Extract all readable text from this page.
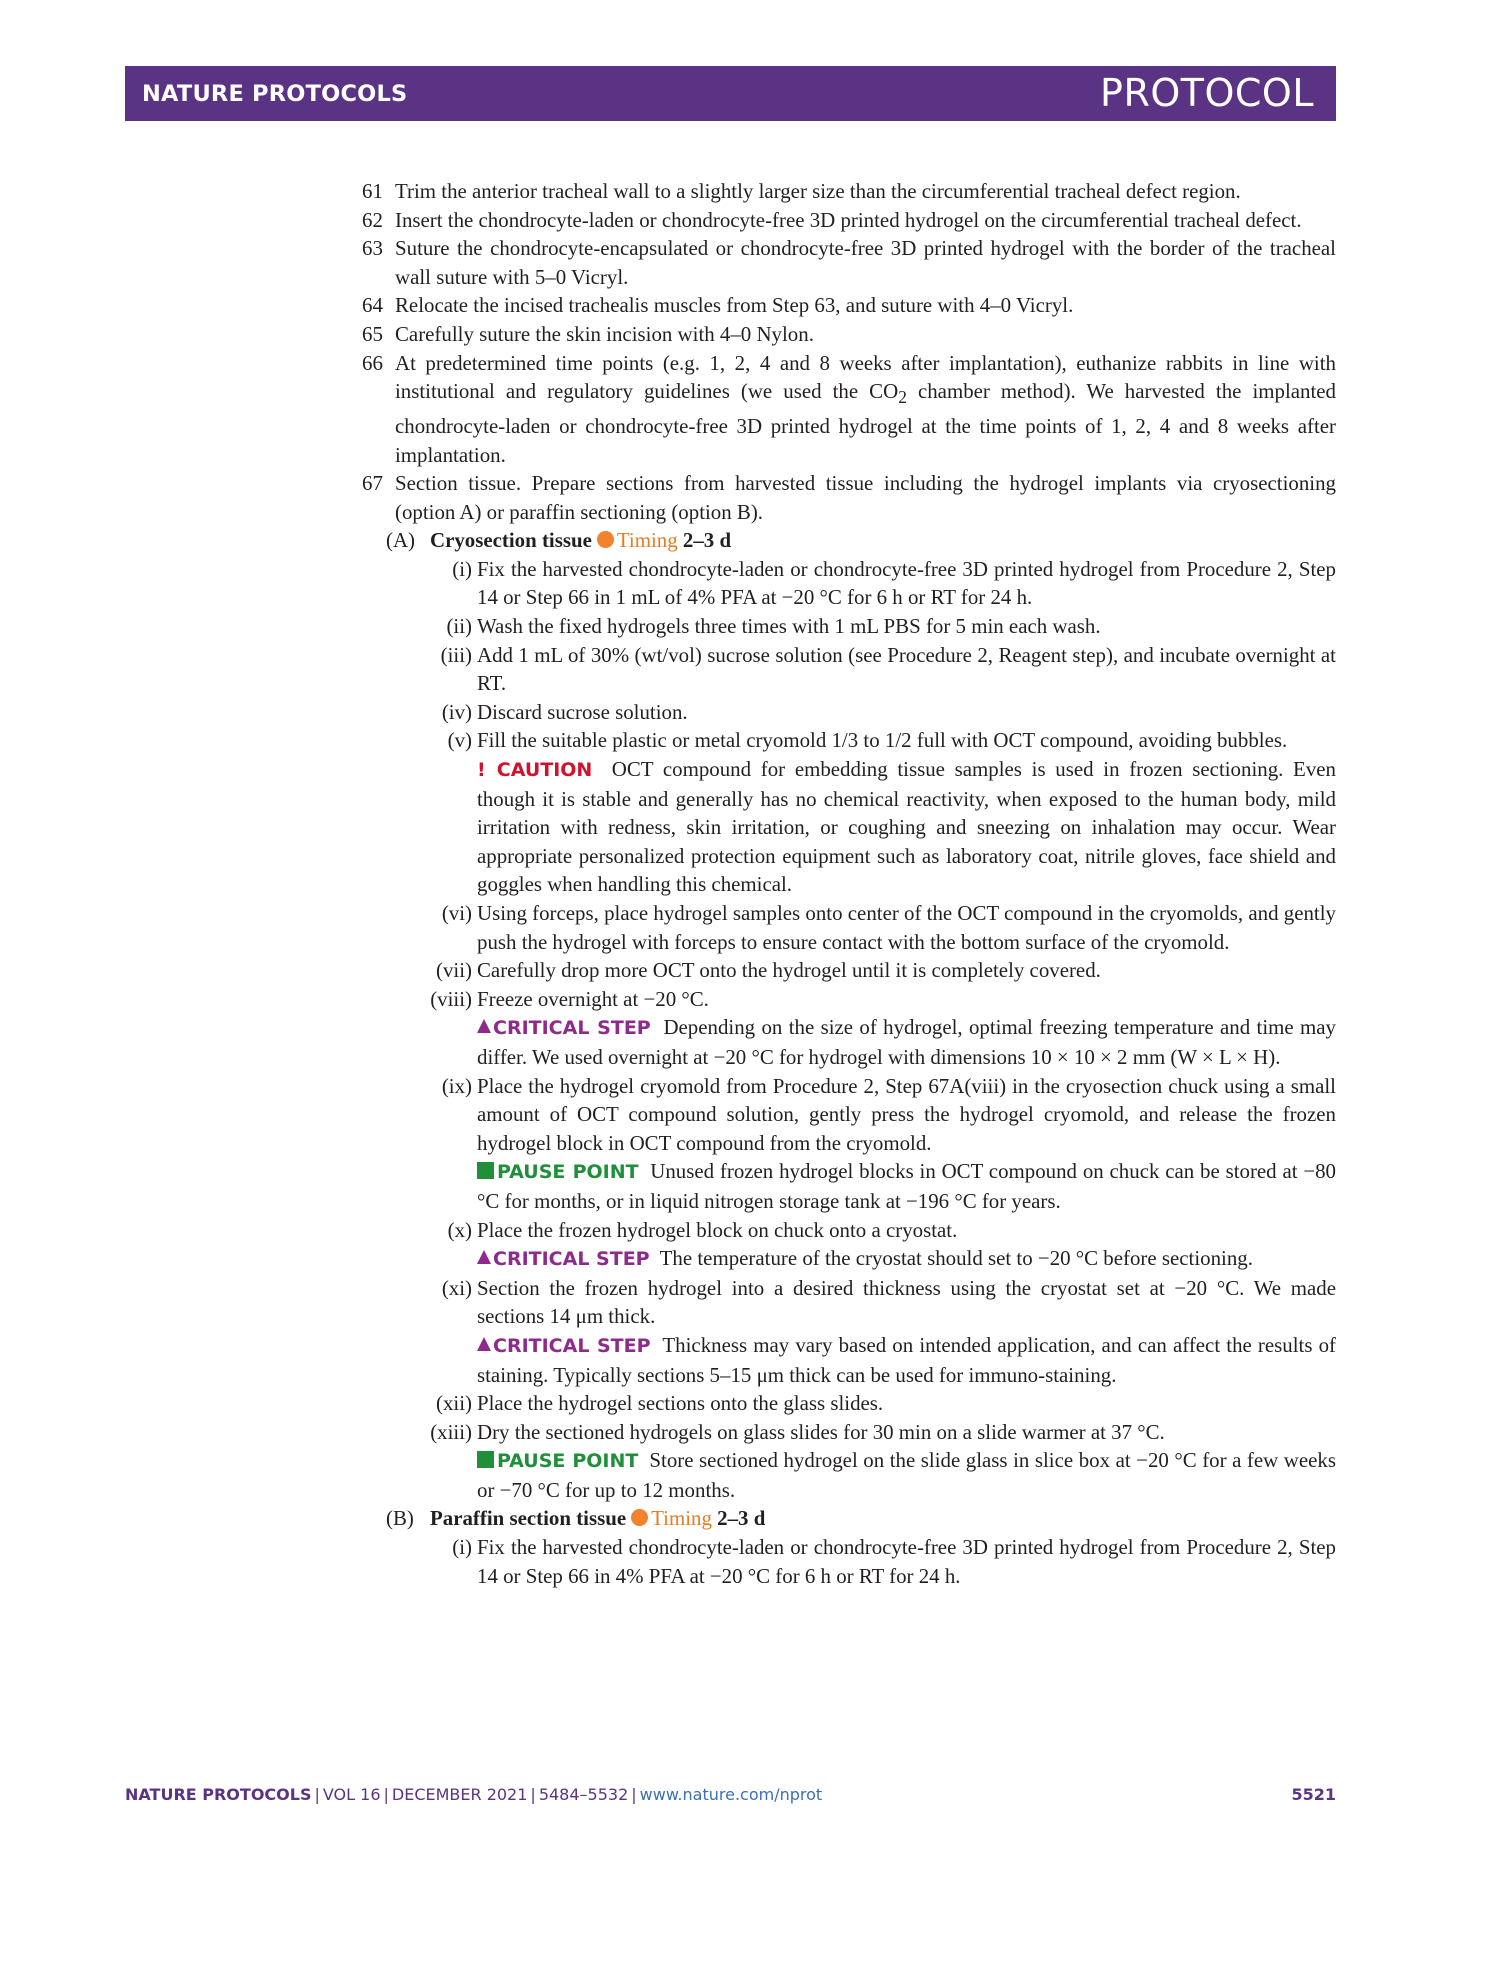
NATURE PROTOCOLS	PROTOCOL
61 Trim the anterior tracheal wall to a slightly larger size than the circumferential tracheal defect region.
62 Insert the chondrocyte-laden or chondrocyte-free 3D printed hydrogel on the circumferential tracheal defect.
63 Suture the chondrocyte-encapsulated or chondrocyte-free 3D printed hydrogel with the border of the tracheal wall suture with 5–0 Vicryl.
64 Relocate the incised trachealis muscles from Step 63, and suture with 4–0 Vicryl.
65 Carefully suture the skin incision with 4–0 Nylon.
66 At predetermined time points (e.g. 1, 2, 4 and 8 weeks after implantation), euthanize rabbits in line with institutional and regulatory guidelines (we used the $CO_2$ chamber method). We harvested the implanted chondrocyte-laden or chondrocyte-free 3D printed hydrogel at the time points of 1, 2, 4 and 8 weeks after implantation.
67 Section tissue. Prepare sections from harvested tissue including the hydrogel implants via cryosectioning (option A) or paraffin sectioning (option B).
(A) Cryosection tissue Timing 2–3 d
(i) Fix the harvested chondrocyte-laden or chondrocyte-free 3D printed hydrogel from Procedure 2, Step 14 or Step 66 in 1 mL of 4% PFA at −20 °C for 6 h or RT for 24 h.
(ii) Wash the fixed hydrogels three times with 1 mL PBS for 5 min each wash.
(iii) Add 1 mL of 30% (wt/vol) sucrose solution (see Procedure 2, Reagent step), and incubate overnight at RT.
(iv) Discard sucrose solution.
(v) Fill the suitable plastic or metal cryomold 1/3 to 1/2 full with OCT compound, avoiding bubbles.
! CAUTION OCT compound for embedding tissue samples is used in frozen sectioning. Even though it is stable and generally has no chemical reactivity, when exposed to the human body, mild irritation with redness, skin irritation, or coughing and sneezing on inhalation may occur. Wear appropriate personalized protection equipment such as laboratory coat, nitrile gloves, face shield and goggles when handling this chemical.
(vi) Using forceps, place hydrogel samples onto center of the OCT compound in the cryomolds, and gently push the hydrogel with forceps to ensure contact with the bottom surface of the cryomold.
(vii) Carefully drop more OCT onto the hydrogel until it is completely covered.
(viii) Freeze overnight at −20 °C.
CRITICAL STEP Depending on the size of hydrogel, optimal freezing temperature and time may differ. We used overnight at −20 °C for hydrogel with dimensions 10 × 10 × 2 mm (W × L × H).
(ix) Place the hydrogel cryomold from Procedure 2, Step 67A(viii) in the cryosection chuck using a small amount of OCT compound solution, gently press the hydrogel cryomold, and release the frozen hydrogel block in OCT compound from the cryomold.
PAUSE POINT Unused frozen hydrogel blocks in OCT compound on chuck can be stored at −80 °C for months, or in liquid nitrogen storage tank at −196 °C for years.
(x) Place the frozen hydrogel block on chuck onto a cryostat.
CRITICAL STEP The temperature of the cryostat should set to −20 °C before sectioning.
(xi) Section the frozen hydrogel into a desired thickness using the cryostat set at −20 °C. We made sections 14 μm thick.
CRITICAL STEP Thickness may vary based on intended application, and can affect the results of staining. Typically sections 5–15 μm thick can be used for immuno-staining.
(xii) Place the hydrogel sections onto the glass slides.
(xiii) Dry the sectioned hydrogels on glass slides for 30 min on a slide warmer at 37 °C.
PAUSE POINT Store sectioned hydrogel on the slide glass in slice box at −20 °C for a few weeks or −70 °C for up to 12 months.
(B) Paraffin section tissue Timing 2–3 d
(i) Fix the harvested chondrocyte-laden or chondrocyte-free 3D printed hydrogel from Procedure 2, Step 14 or Step 66 in 4% PFA at −20 °C for 6 h or RT for 24 h.
NATURE PROTOCOLS | VOL 16 | DECEMBER 2021 | 5484–5532 | www.nature.com/nprot	5521
